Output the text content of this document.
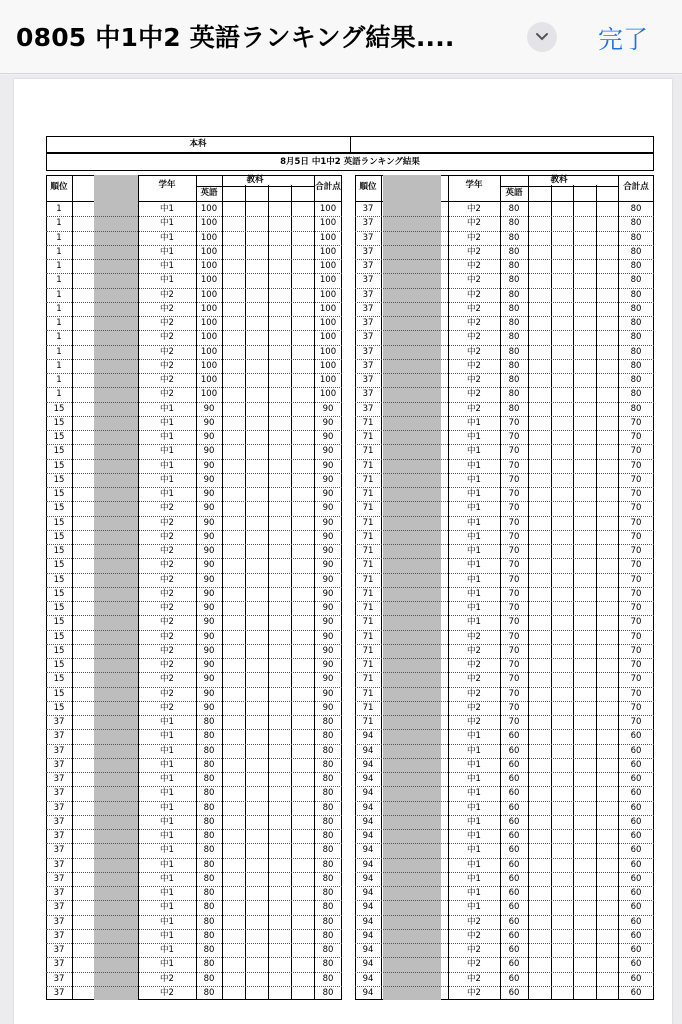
0805 中1中2 英語ランキング結果....	完了
本科
8月5日 中1中2 英語ランキング結果
順位	学年	合計点
教科
英語
1	中1	100	100
1	中1	100	100
1	中1	100	100
1	中1	100	100
1	中1	100	100
1	中1	100	100
1	中2	100	100
1	中2	100	100
1	中2	100	100
1	中2	100	100
1	中2	100	100
1	中2	100	100
1	中2	100	100
1	中2	100	100
15	中1	90	90
15	中1	90	90
15	中1	90	90
15	中1	90	90
15	中1	90	90
15	中1	90	90
15	中1	90	90
15	中2	90	90
15	中2	90	90
15	中2	90	90
15	中2	90	90
15	中2	90	90
15	中2	90	90
15	中2	90	90
15	中2	90	90
15	中2	90	90
15	中2	90	90
15	中2	90	90
15	中2	90	90
15	中2	90	90
15	中2	90	90
15	中2	90	90
37	中1	80	80
37	中1	80	80
37	中1	80	80
37	中1	80	80
37	中1	80	80
37	中1	80	80
37	中1	80	80
37	中1	80	80
37	中1	80	80
37	中1	80	80
37	中1	80	80
37	中1	80	80
37	中1	80	80
37	中1	80	80
37	中1	80	80
37	中1	80	80
37	中1	80	80
37	中1	80	80
37	中2	80	80
37	中2	80	80
順位	学年	合計点
教科
英語
37	中2	80	80
37	中2	80	80
37	中2	80	80
37	中2	80	80
37	中2	80	80
37	中2	80	80
37	中2	80	80
37	中2	80	80
37	中2	80	80
37	中2	80	80
37	中2	80	80
37	中2	80	80
37	中2	80	80
37	中2	80	80
37	中2	80	80
71	中1	70	70
71	中1	70	70
71	中1	70	70
71	中1	70	70
71	中1	70	70
71	中1	70	70
71	中1	70	70
71	中1	70	70
71	中1	70	70
71	中1	70	70
71	中1	70	70
71	中1	70	70
71	中1	70	70
71	中1	70	70
71	中1	70	70
71	中2	70	70
71	中2	70	70
71	中2	70	70
71	中2	70	70
71	中2	70	70
71	中2	70	70
71	中2	70	70
94	中1	60	60
94	中1	60	60
94	中1	60	60
94	中1	60	60
94	中1	60	60
94	中1	60	60
94	中1	60	60
94	中1	60	60
94	中1	60	60
94	中1	60	60
94	中1	60	60
94	中1	60	60
94	中1	60	60
94	中2	60	60
94	中2	60	60
94	中2	60	60
94	中2	60	60
94	中2	60	60
94	中2	60	60
